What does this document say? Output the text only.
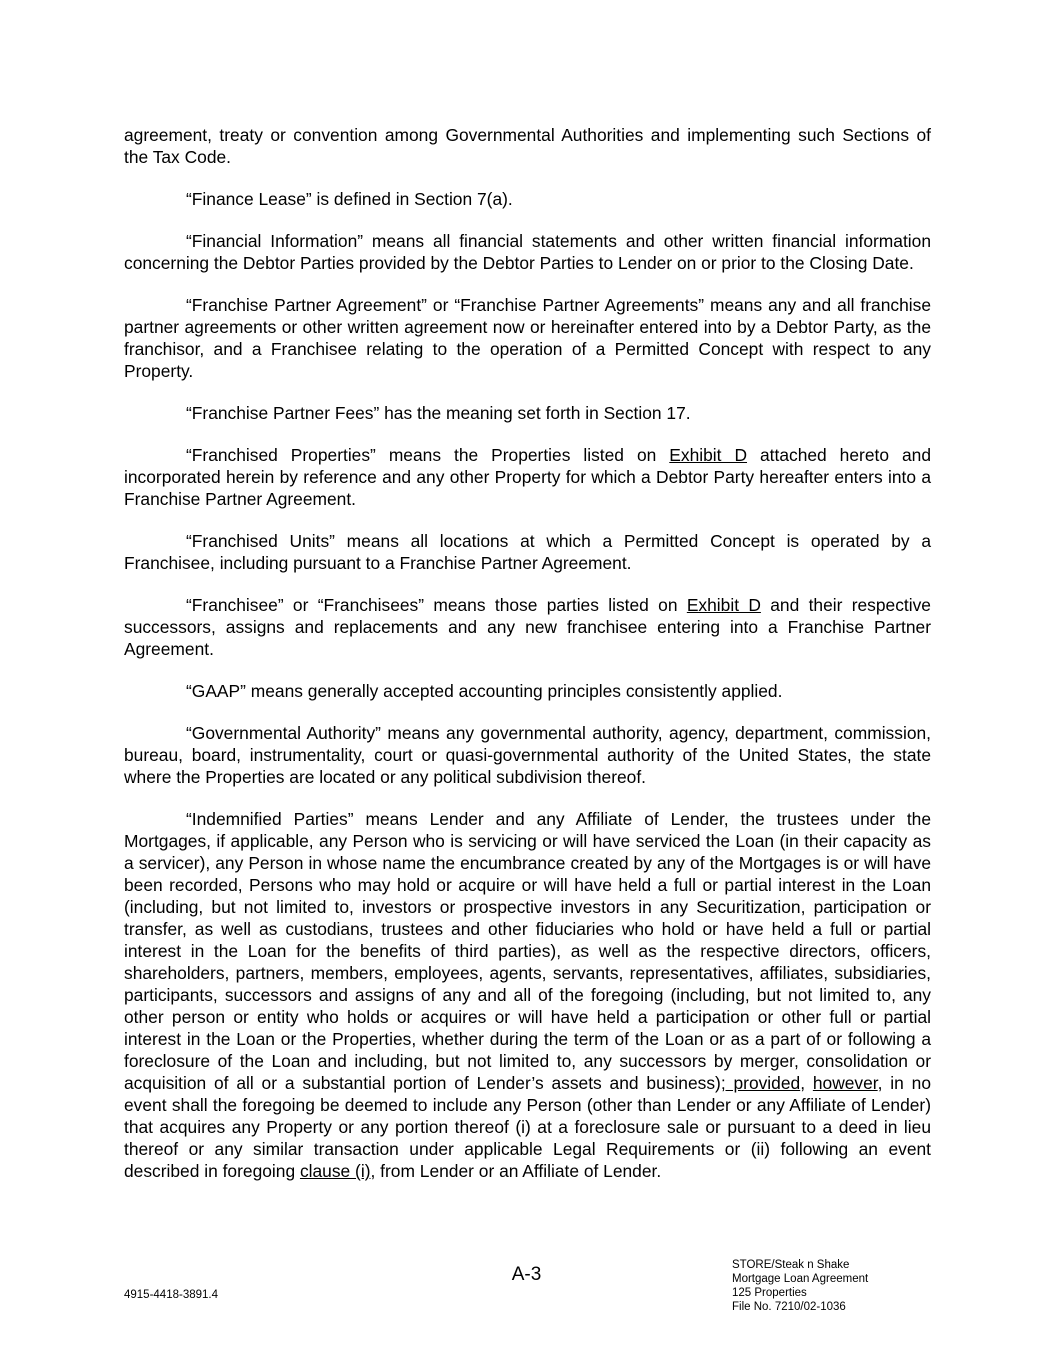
agreement, treaty or convention among Governmental Authorities and implementing such Sections of the Tax Code.

“Finance Lease” is defined in Section 7(a).

“Financial Information” means all financial statements and other written financial information concerning the Debtor Parties provided by the Debtor Parties to Lender on or prior to the Closing Date.

“Franchise Partner Agreement” or “Franchise Partner Agreements” means any and all franchise partner agreements or other written agreement now or hereinafter entered into by a Debtor Party, as the franchisor, and a Franchisee relating to the operation of a Permitted Concept with respect to any Property.

“Franchise Partner Fees” has the meaning set forth in Section 17.

“Franchised Properties” means the Properties listed on Exhibit D attached hereto and incorporated herein by reference and any other Property for which a Debtor Party hereafter enters into a Franchise Partner Agreement.

“Franchised Units” means all locations at which a Permitted Concept is operated by a Franchisee, including pursuant to a Franchise Partner Agreement.

“Franchisee” or “Franchisees” means those parties listed on Exhibit D and their respective successors, assigns and replacements and any new franchisee entering into a Franchise Partner Agreement.

“GAAP” means generally accepted accounting principles consistently applied.

“Governmental Authority” means any governmental authority, agency, department, commission, bureau, board, instrumentality, court or quasi-governmental authority of the United States, the state where the Properties are located or any political subdivision thereof.

“Indemnified Parties” means Lender and any Affiliate of Lender, the trustees under the Mortgages, if applicable, any Person who is servicing or will have serviced the Loan (in their capacity as a servicer), any Person in whose name the encumbrance created by any of the Mortgages is or will have been recorded, Persons who may hold or acquire or will have held a full or partial interest in the Loan (including, but not limited to, investors or prospective investors in any Securitization, participation or transfer, as well as custodians, trustees and other fiduciaries who hold or have held a full or partial interest in the Loan for the benefits of third parties), as well as the respective directors, officers, shareholders, partners, members, employees, agents, servants, representatives, affiliates, subsidiaries, participants, successors and assigns of any and all of the foregoing (including, but not limited to, any other person or entity who holds or acquires or will have held a participation or other full or partial interest in the Loan or the Properties, whether during the term of the Loan or as a part of or following a foreclosure of the Loan and including, but not limited to, any successors by merger, consolidation or acquisition of all or a substantial portion of Lender’s assets and business); provided, however, in no event shall the foregoing be deemed to include any Person (other than Lender or any Affiliate of Lender) that acquires any Property or any portion thereof (i) at a foreclosure sale or pursuant to a deed in lieu thereof or any similar transaction under applicable Legal Requirements or (ii) following an event described in foregoing clause (i), from Lender or an Affiliate of Lender.

A-3
4915-4418-3891.4
STORE/Steak n Shake
Mortgage Loan Agreement
125 Properties
File No. 7210/02-1036
